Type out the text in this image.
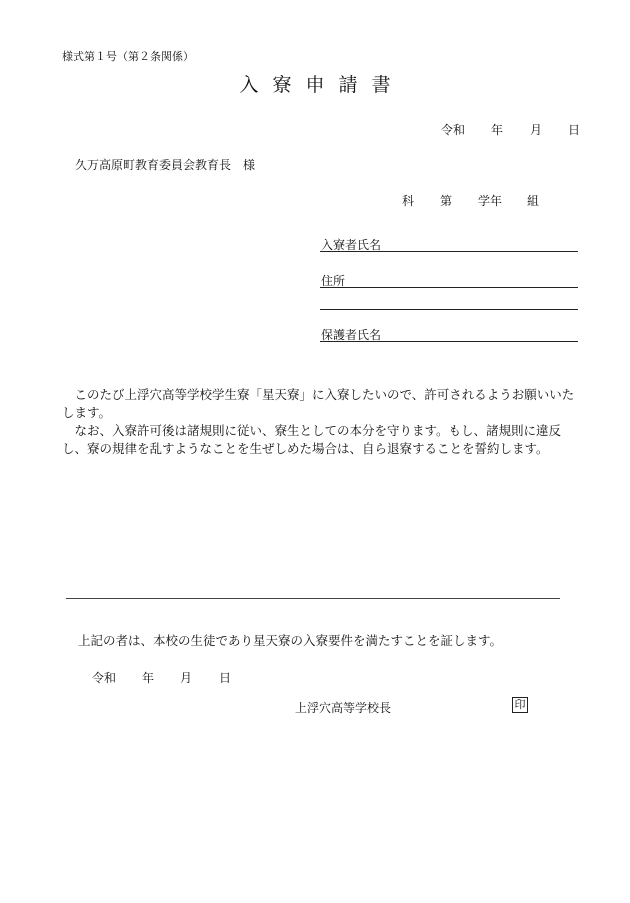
様式第１号（第２条関係）
入寮申請書
令和 年 月 日
久万高原町教育委員会教育長　様
科 第 学年 組
入寮者氏名
住所
保護者氏名

このたび上浮穴高等学校学生寮「星天寮」に入寮したいので、許可されるようお願いいたします。

なお、入寮許可後は諸規則に従い、寮生としての本分を守ります。もし、諸規則に違反し、寮の規律を乱すようなことを生ぜしめた場合は、自ら退寮することを誓約します。

上記の者は、本校の生徒であり星天寮の入寮要件を満たすことを証します。
令和 年 月 日
上浮穴高等学校長	印
